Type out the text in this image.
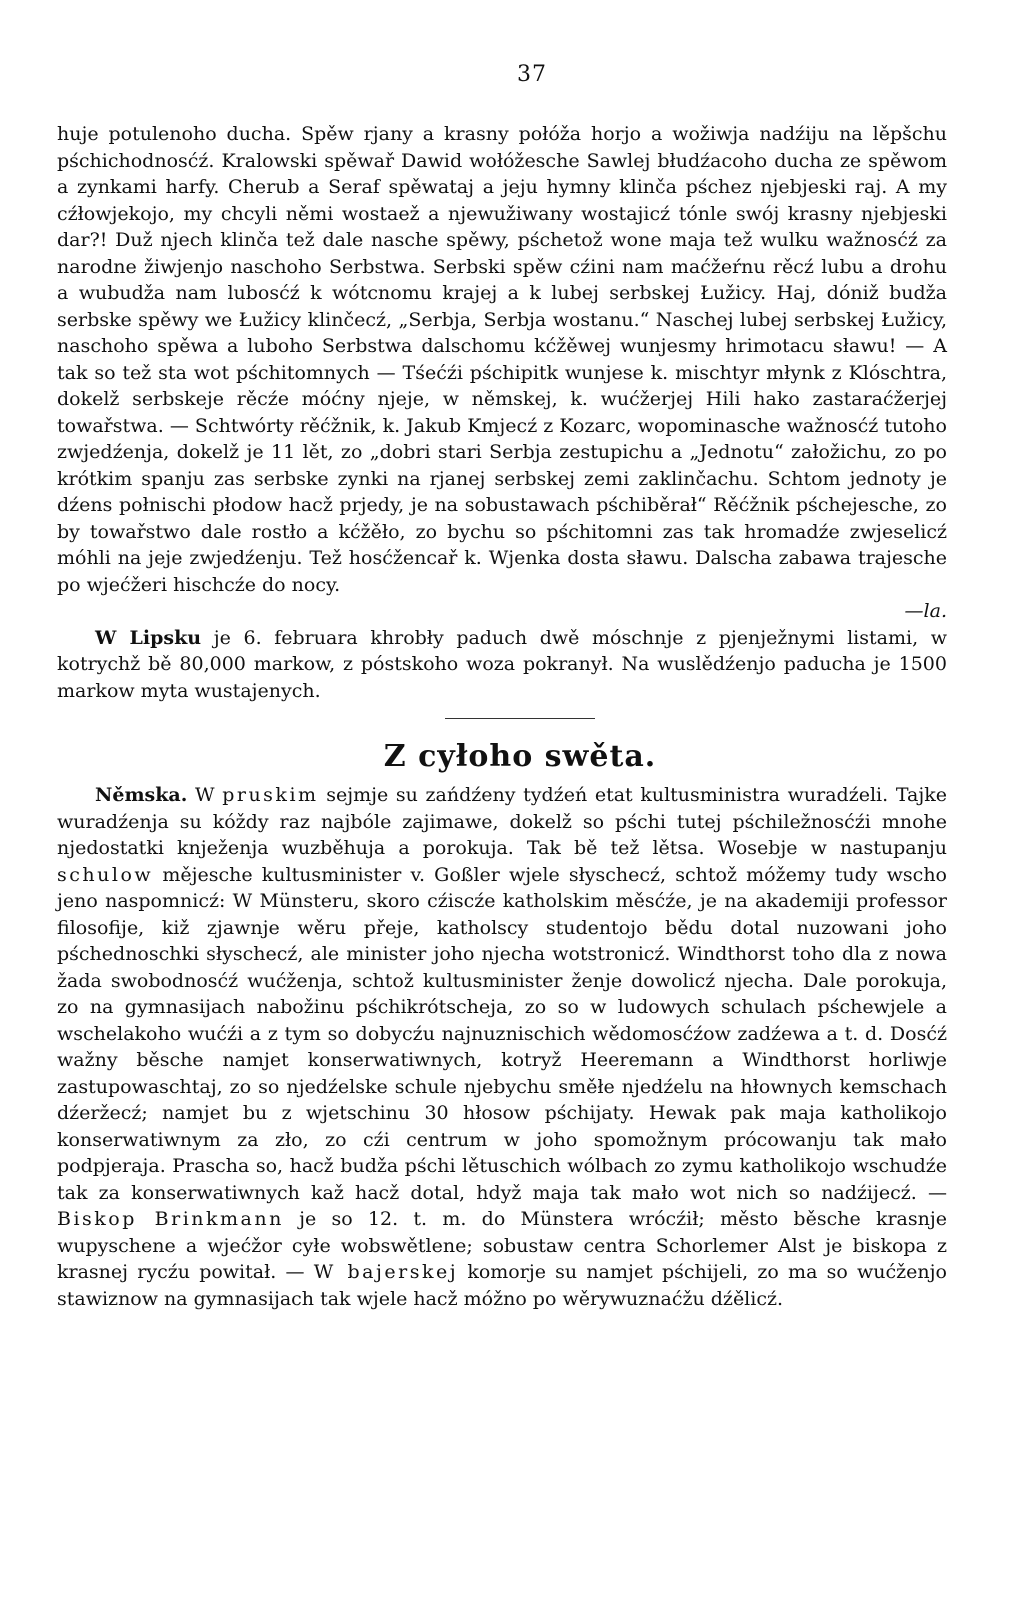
37

huje potulenoho ducha. Spěw rjany a krasny połóža horjo a wožiwja nadźiju na lěpšchu pśchichodnosćź. Kralowski spěwař Dawid wołóžesche Sawlej błudźacoho ducha ze spěwom a zynkami harfy. Cherub a Seraf spěwataj a jeju hymny klinča pśchez njebjeski raj. A my cźłowjekojo, my chcyli němi wostaež a njewužiwany wostajicź tónle swój krasny njebjeski dar?! Duž njech klinča tež dale nasche spěwy, pśchetož wone maja tež wulku wažnosćź za narodne žiwjenjo naschoho Serbstwa. Serbski spěw cźini nam maćžeŕnu rěcź lubu a drohu a wubudža nam lubosćź k wótcnomu krajej a k lubej serbskej Łužicy. Haj, dóniž budža serbske spěwy we Łužicy klinčecź, „Serbja, Serbja wostanu.“ Naschej lubej serbskej Łužicy, naschoho spěwa a luboho Serbstwa dalschomu kćžěwej wunjesmy hrimotacu sławu! — A tak so tež sta wot pśchitomnych — Tśećźi pśchipitk wunjese k. mischtyr młynk z Klóschtra, dokelž serbskeje rěcźe móćny njeje, w němskej, k. wućžerjej Hili hako zastaraćžerjej towařstwa. — Schtwórty rěćžnik, k. Jakub Kmjecź z Kozarc, wopominasche wažnosćź tutoho zwjedźenja, dokelž je 11 lět, zo „dobri stari Serbja zestupichu a „Jednotu“ załožichu, zo po krótkim spanju zas serbske zynki na rjanej serbskej zemi zaklinčachu. Schtom jednoty je dźens połnischi płodow hacž prjedy, je na sobustawach pśchiběrał“ Rěćžnik pśchejesche, zo by towařstwo dale rostło a kćžěło, zo bychu so pśchitomni zas tak hromadźe zwjeselicź móhli na jeje zwjedźenju. Tež hosćžencař k. Wjenka dosta sławu. Dalscha zabawa trajesche po wjećžeri hischcźe do nocy.
—la.

W Lipsku je 6. februara khrobły paduch dwě móschnje z pjenježnymi listami, w kotrychž bě 80,000 markow, z póstskoho woza pokranył. Na wuslědźenjo paducha je 1500 markow myta wustajenych.

Z cyłoho swěta.

Němska. W pruskim sejmje su zańdźeny tydźeń etat kultusministra wuradźeli. Tajke wuradźenja su kóždy raz najbóle zajimawe, dokelž so pśchi tutej pśchiležnosćźi mnohe njedostatki knježenja wuzběhuja a porokuja. Tak bě tež lětsa. Wosebje w nastupanju schulow mějesche kultusminister v. Goßler wjele słyschecź, schtož móžemy tudy wscho jeno naspomnicź: W Münsteru, skoro cźiscźe katholskim měsćźe, je na akademiji professor filosofije, kiž zjawnje wěru přeje, katholscy studentojo bědu dotal nuzowani joho pśchednoschki słyschecź, ale minister joho njecha wotstronicź. Windthorst toho dla z nowa žada swobodnosćź wućženja, schtož kultusminister ženje dowolicź njecha. Dale porokuja, zo na gymnasijach nabožinu pśchikrótschejа, zo so w ludowych schulach pśchewjele a wschelakoho wućźi a z tym so dobycźu najnuznischich wědomosćźow zadźewa a t. d. Dosćź wažny běsche namjet konserwatiwnych, kotryž Heeremann a Windthorst horliwje zastupowaschtaj, zo so njedźelske schule njebychu směłe njedźelu na hłownych kemschach dźeržecź; namjet bu z wjetschinu 30 hłosow pśchijaty. Hewak pak maja katholikojo konserwatiwnym za zło, zo cźi centrum w joho spomožnym prócowanju tak mało podpjeraja. Prascha so, hacž budža pśchi lětuschich wólbach zo zymu katholikojo wschudźe tak za konserwatiwnych kaž hacž dotal, hdyž maja tak mało wot nich so nadźijecź. — Biskop Brinkmann je so 12. t. m. do Münstera wrócźił; město běsche krasnje wupyschene a wjećžor cyłe wobswětlene; sobustaw centra Schorlemer Alst je biskopa z krasnej rycźu powitał. — W bajerskej komorje su namjet pśchijeli, zo ma so wućženjo stawiznow na gymnasijach tak wjele hacž móžno po wěrywuznaćžu dźělicź.
